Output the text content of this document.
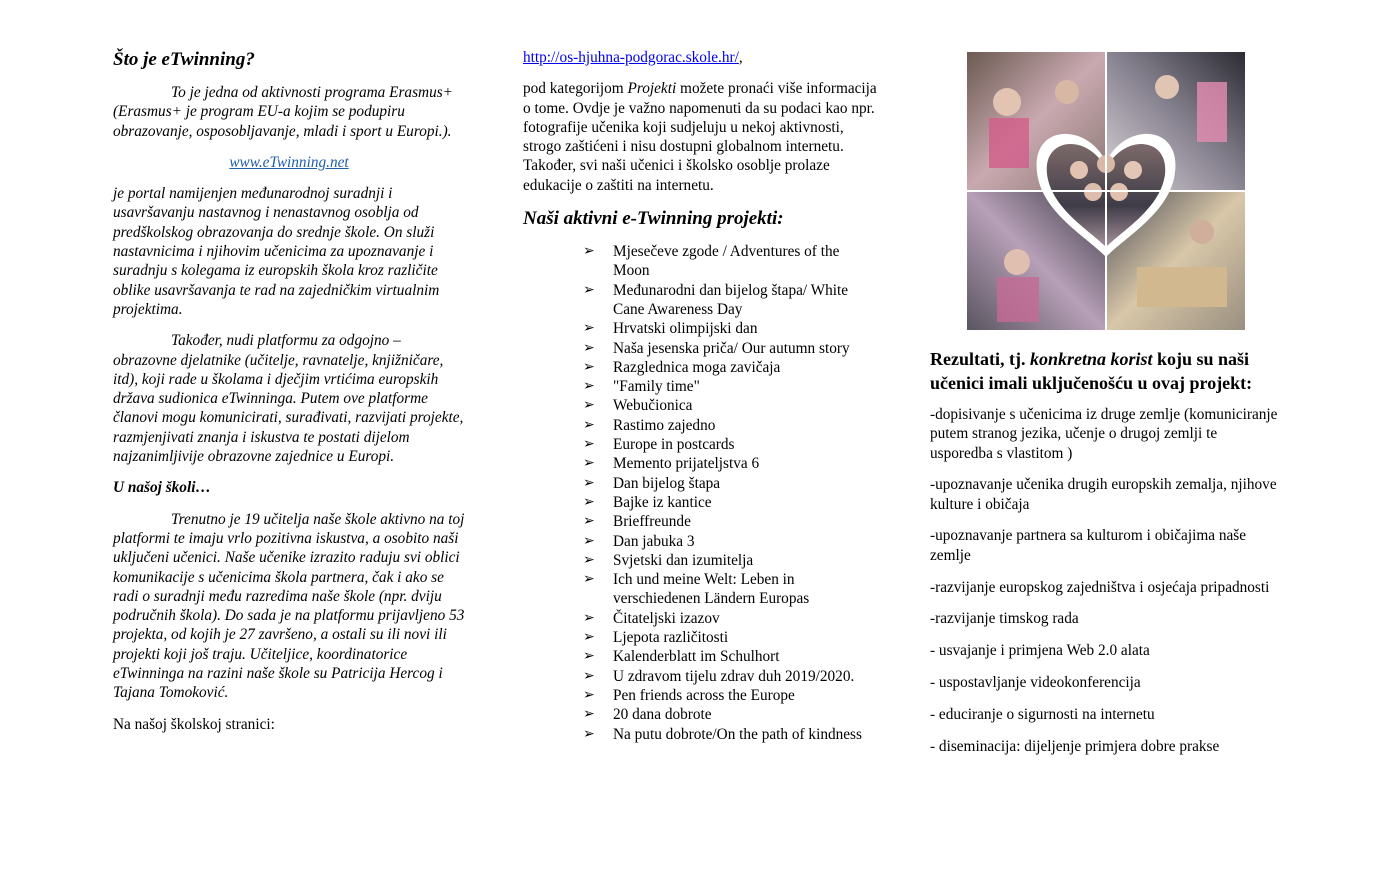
Što je eTwinning?

To je jedna od aktivnosti programa Erasmus+ (Erasmus+ je program EU-a kojim se podupiru obrazovanje, osposobljavanje, mladi i sport u Europi.).

www.eTwinning.net

je portal namijenjen međunarodnoj suradnji i usavršavanju nastavnog i nenastavnog osoblja od predškolskog obrazovanja do srednje škole. On služi nastavnicima i njihovim učenicima za upoznavanje i suradnju s kolegama iz europskih škola kroz različite oblike usavršavanja te rad na zajedničkim virtualnim projektima.

Također, nudi platformu za odgojno – obrazovne djelatnike (učitelje, ravnatelje, knjižničare, itd), koji rade u školama i dječjim vrtićima europskih država sudionica eTwinninga. Putem ove platforme članovi mogu komunicirati, surađivati, razvijati projekte, razmjenjivati znanja i iskustva te postati dijelom najzanimljivije obrazovne zajednice u Europi.

U našoj školi…

Trenutno je 19 učitelja naše škole aktivno na toj platformi te imaju vrlo pozitivna iskustva, a osobito naši uključeni učenici. Naše učenike izrazito raduju svi oblici komunikacije s učenicima škola partnera, čak i ako se radi o suradnji među razredima naše škole (npr. dviju područnih škola). Do sada je na platformu prijavljeno 53 projekta, od kojih je 27 završeno, a ostali su ili novi ili projekti koji još traju. Učiteljice, koordinatorice eTwinninga na razini naše škole su Patricija Hercog i Tajana Tomoković.

Na našoj školskoj stranici:

http://os-hjuhna-podgorac.skole.hr/,

pod kategorijom Projekti možete pronaći više informacija o tome. Ovdje je važno napomenuti da su podaci kao npr. fotografije učenika koji sudjeluju u nekoj aktivnosti, strogo zaštićeni i nisu dostupni globalnom internetu. Također, svi naši učenici i školsko osoblje prolaze edukacije o zaštiti na internetu.

Naši aktivni e-Twinning projekti:
➢ Mjesečeve zgode / Adventures of the Moon
➢ Međunarodni dan bijelog štapa/ White Cane Awareness Day
➢ Hrvatski olimpijski dan
➢ Naša jesenska priča/ Our autumn story
➢ Razglednica moga zavičaja
➢ "Family time"
➢ Webučionica
➢ Rastimo zajedno
➢ Europe in postcards
➢ Memento prijateljstva 6
➢ Dan bijelog štapa
➢ Bajke iz kantice
➢ Brieffreunde
➢ Dan jabuka 3
➢ Svjetski dan izumitelja
➢ Ich und meine Welt: Leben in verschiedenen Ländern Europas
➢ Čitateljski izazov
➢ Ljepota različitosti
➢ Kalenderblatt im Schulhort
➢ U zdravom tijelu zdrav duh 2019/2020.
➢ Pen friends across the Europe
➢ 20 dana dobrote
➢ Na putu dobrote/On the path of kindness
Rezultati, tj. konkretna korist koju su naši učenici imali uključenošću u ovaj projekt:

-dopisivanje s učenicima iz druge zemlje (komuniciranje putem stranog jezika, učenje o drugoj zemlji te usporedba s vlastitom )

-upoznavanje učenika drugih europskih zemalja, njihove kulture i običaja

-upoznavanje partnera sa kulturom i običajima naše zemlje

-razvijanje europskog zajedništva i osjećaja pripadnosti

-razvijanje timskog rada

- usvajanje i primjena Web 2.0 alata

- uspostavljanje videokonferencija

- educiranje o sigurnosti na internetu

- diseminacija: dijeljenje primjera dobre prakse
